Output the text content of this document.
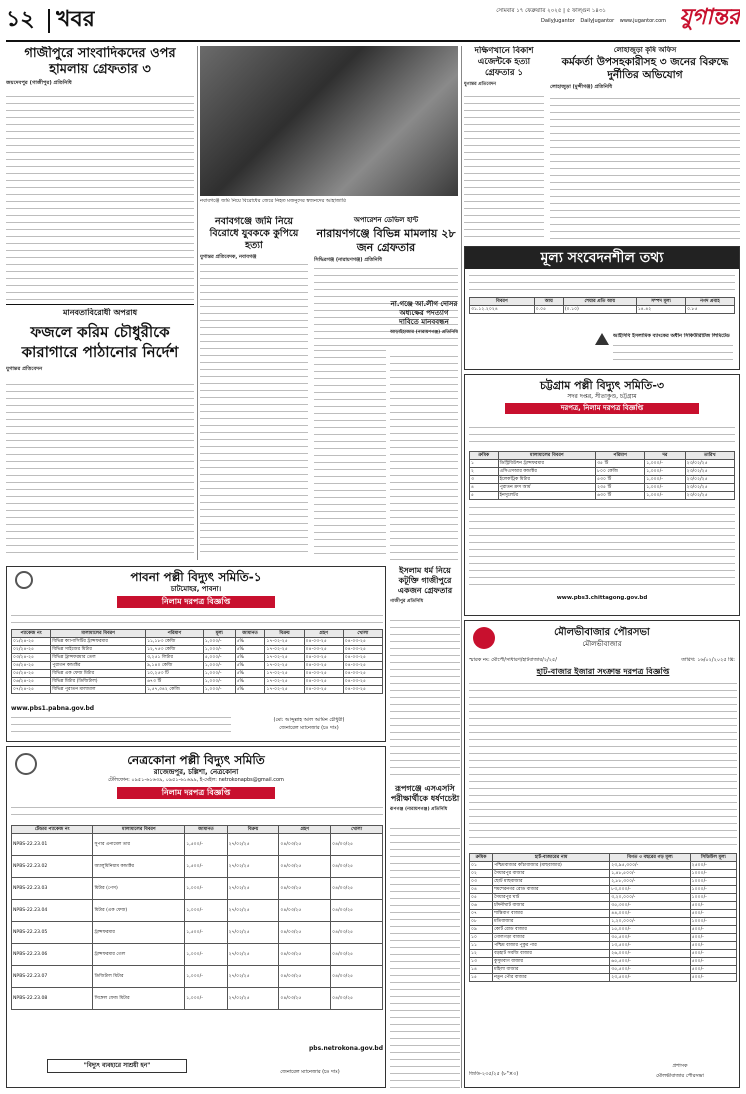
১২ খবর	সোমবার ১৭ ফেব্রুয়ারি ২০২৫ | ৫ ফাল্গুন ১৪৩১
DailyJugantor DailyJugantor www.jugantor.com যুগান্তর
গাজীপুরে সাংবাদিকদের ওপর হামলায় গ্রেফতার ৩
জয়দেবপুর (গাজীপুর) প্রতিনিধি
নবাবগঞ্জে জমি নিয়ে বিরোধের জেরে নিহত মজনুদের স্বজনদের আহাজারি
মানবতাবিরোধী অপরাধ
ফজলে করিম চৌধুরীকে কারাগারে পাঠানোর নির্দেশ
যুগান্তর প্রতিবেদন
নবাবগঞ্জে জমি নিয়ে বিরোধে যুবককে কুপিয়ে হত্যা
যুগান্তর প্রতিবেদক, নবাবগঞ্জ
অপারেশন ডেভিল হান্ট
নারায়ণগঞ্জে বিভিন্ন মামলায় ২৮ জন গ্রেফতার
সিদ্ধিরগঞ্জ (নারায়ণগঞ্জ) প্রতিনিধি
না.গঞ্জে আ.লীগ দোসর অধ্যক্ষের পদত্যাগ দাবিতে মানববন্ধন
আড়াইহাজার (নারায়ণগঞ্জ) প্রতিনিধি
দক্ষিণখানে বিকাশ এজেন্টকে হত্যা গ্রেফতার ১
যুগান্তর প্রতিবেদন
লোহাজুড়া কৃষি অফিস
কর্মকর্তা উপসহকারীসহ ৩ জনের বিরুদ্ধে দুর্নীতির অভিযোগ
লোহাজুড়া (মুন্সীগঞ্জ) প্রতিনিধি
মূল্য সংবেদনশীল তথ্য
বিবরণ	আয়	শেয়ার প্রতি আয়	সম্পদ মূল্য	নগদ প্রবাহ
৩১.১২.২০২৪	০.০৫	(০.১০)	১৪.৪২	০.৮৫
আইসিবি ইসলামিক ব্যাংকের অধীন সিকিউরিটিজ লিমিটেড
চট্টগ্রাম পল্লী বিদ্যুৎ সমিতি-৩
সদর দপ্তর, সীতাকুণ্ড, চট্টগ্রাম
দরপত্র, নিলাম দরপত্র বিজ্ঞপ্তি
ক্রমিক	মালামালের বিবরণ	পরিমাণ	দর	তারিখ
১	ডিস্ট্রিবিউশন ট্রান্সফরমার	৩৫ টি	১,০০০/-	২৩/০২/২৫
২	এসিএসআর কন্ডাক্টর	৮০০ কেজি	১,০০০/-	২৩/০২/২৫
৩	ইলেকট্রিক মিটার	৫৩০ টি	১,০০০/-	২৩/০২/২৫
৪	পুরাতন ক্রস আর্ম	২৩৫ টি	১,০০০/-	২৩/০২/২৫
৫	ইনসুলেটর	৬৩০ টি	১,০০০/-	২৩/০২/২৫
www.pbs3.chittagong.gov.bd
পাবনা পল্লী বিদ্যুৎ সমিতি-১
চাটমোহর, পাবনা।
নিলাম দরপত্র বিজ্ঞপ্তি
প্যাকেজ নং	মালামালের বিবরণ	পরিমাণ	মূল্য	জামানত	বিক্রয়	গ্রহণ	খোলা
০১/২৪-২৫	বিভিন্ন ক্যাপাসিটির ট্রান্সফরমার	১১,১৮৩ কেজি	১,০০০/-	৫%	১৭-০২-২৫	০৪-০৩-২৫	০৪-০৩-২৫
০২/২৪-২৫	বিভিন্ন সাইজের মিটার	১২,৭৫৩ কেজি	১,০০০/-	৫%	১৭-০২-২৫	০৪-০৩-২৫	০৪-০৩-২৫
০৩/২৪-২৫	বিভিন্ন ট্রান্সফরমার তেল	৩,২৫১ লিটার	৫,০০০/-	৫%	১৭-০২-২৫	০৪-০৩-২৫	০৪-০৩-২৫
০৪/২৪-২৫	পুরাতন কন্ডাক্টর	৯,১৪০ কেজি	১,০০০/-	৫%	১৭-০২-২৫	০৪-০৩-২৫	০৪-০৩-২৫
০৫/২৪-২৫	বিভিন্ন এক ফেজ মিটার	১০,২৫৩ টি	১,০০০/-	৫%	১৭-০২-২৫	০৪-০৩-২৫	০৪-০৩-২৫
০৬/২৪-২৫	বিভিন্ন মিটার (ডিজিটাল)	৬৭৩ টি	১,০০০/-	৫%	১৭-০২-২৫	০৪-০৩-২৫	০৪-০৩-২৫
০৭/২৪-২৫	বিভিন্ন পুরাতন মালামাল	১,৫৭,৩৪২ কেজি	১,০০০/-	৫%	১৭-০২-২৫	০৪-০৩-২৫	০৪-০৩-২৫
www.pbs1.pabna.gov.bd
(মো: আব্দুল্লাহ আল আমিন চৌধুরী)
জেনারেল ম্যানেজার (চঃ দাঃ)
ইসলাম ধর্ম নিয়ে কটূক্তি গাজীপুরে একজন গ্রেফতার
গাজীপুর প্রতিনিধি
রূপগঞ্জে এসএসসি পরীক্ষার্থীকে ধর্ষণচেষ্টা
রূপগঞ্জ (নারায়ণগঞ্জ) প্রতিনিধি
নেত্রকোনা পল্লী বিদ্যুৎ সমিতি
রাজেন্দ্রপুর, চল্লিশা, নেত্রকোনা
টেলিফোন: ০৯৫১-৬১৬৩৯, ০৯৫১-৬১৬৯৯, ই-মেইল: netrokonapbs@gmail.com
নিলাম দরপত্র বিজ্ঞপ্তি
টেন্ডার প্যাকেজ নং	মালামালের বিবরণ	জামানত	বিক্রয়	গ্রহণ	খোলা
NPBS-22.23.01	সুপার এনামেল তার	১,৫০০/-	২৭/০২/২৫	০৪/০৩/২৫	০৪/০৩/২৫
NPBS-22.23.02	অ্যালুমিনিয়াম কন্ডাক্টর	১,৫০০/-	২৭/০২/২৫	০৪/০৩/২৫	০৪/০৩/২৫
NPBS-22.23.03	মিটার (পেস)	১,০০০/-	২৭/০২/২৫	০৪/০৩/২৫	০৪/০৩/২৫
NPBS-22.23.04	মিটার (এক ফেজ)	১,০০০/-	২৭/০২/২৫	০৪/০৩/২৫	০৪/০৩/২৫
NPBS-22.23.05	ট্রান্সফরমার	১,৫০০/-	২৭/০২/২৫	০৪/০৩/২৫	০৪/০৩/২৫
NPBS-22.23.06	ট্রান্সফরমার তেল	১,০০০/-	২৭/০২/২৫	০৪/০৩/২৫	০৪/০৩/২৫
NPBS-22.23.07	ডিজিটাল মিটার	১,০০০/-	২৭/০২/২৫	০৪/০৩/২৫	০৪/০৩/২৫
NPBS-22.23.08	সিঙ্গেল ফেজ মিটার	১,০০০/-	২৭/০২/২৫	০৪/০৩/২৫	০৪/০৩/২৫
pbs.netrokona.gov.bd
"বিদ্যুৎ ব্যবহারে সাশ্রয়ী হন"
জেনারেল ম্যানেজার (চঃ দাঃ)
মৌলভীবাজার পৌরসভা
মৌলভীবাজার
স্মারক নং: মৌপৌ/সাধারণ/হাটবাজার/২/২৫/	তারিখ: ১৬/০২/২০২৫ খ্রি:
হাট-বাজার ইজারা সংক্রান্ত দরপত্র বিজ্ঞপ্তি
ক্রমিক	হাট-বাজারের নাম	বিগত ৩ বছরের গড় মূল্য	সিডিউল মূল্য
০১	পশ্চিমবাজার কাঁচাবাজার (মাছবাজার)	২৩,৯৫,৩০০/-	২৫০০/-
০২	সৈয়ারপুর বাজার	১,৪৮,৫০০/-	১০০০/-
০৩	ছোট মাছবাজার	২,৮৮,৩০০/-	১০০০/-
০৪	শমশেরনগর রোড বাজার	৮৩,০০০/-	১০০০/-
০৫	সৈয়ারপুর ঘাট	৩,২০,০০০/-	১০০০/-
০৬	চাঁদনীঘাট বাজার	৩৫,৩০০/-	৫০০/-
০৭	শান্তিবাগ বাজার	৪৪,০০০/-	৫০০/-
০৮	মতিবাজার	১,২০,০০০/-	১০০০/-
০৯	কোর্ট রোড বাজার	১৫,০০০/-	৫০০/-
১০	গোলগড়া বাজার	৩৫,৫০০/-	৫০০/-
১১	পশ্চিম বাজার পুকুর পার	১৩,৫০০/-	৫০০/-
১২	বড়হাট সবজি বাজার	২৬,০০০/-	৫০০/-
১৩	কুসুমবাগ বাজার	৬৫,৫০০/-	৫০০/-
১৪	মহিলা বাজার	৩৫,৫০০/-	৫০০/-
১৫	নতুন পৌর বাজার	২৩,৫০০/-	৫০০/-
জিডি-২৩৫/২৫ (৮"×৩)
প্রশাসক
মৌলভীবাজার পৌরসভা
